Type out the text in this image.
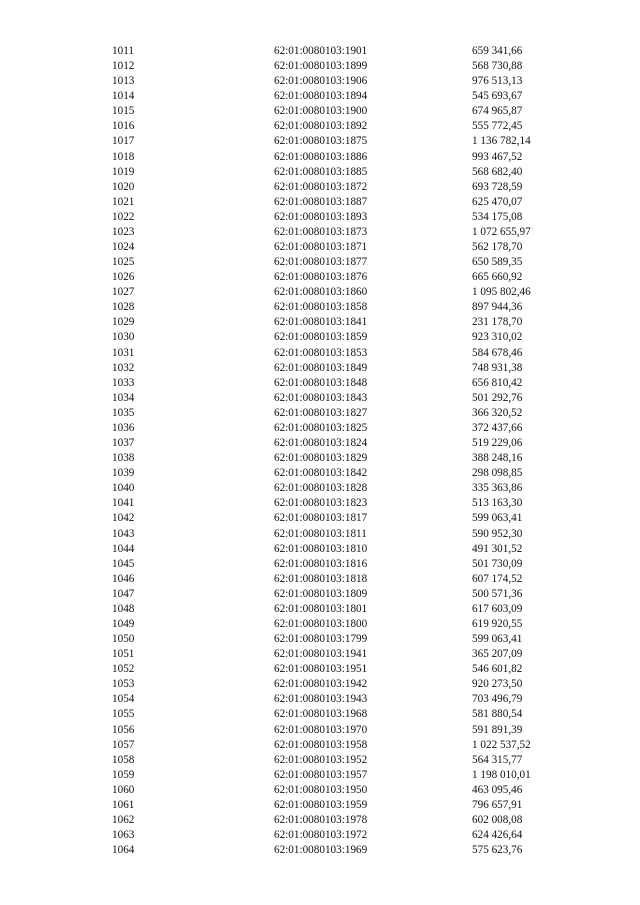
1011	62:01:0080103:1901	659 341,66
1012	62:01:0080103:1899	568 730,88
1013	62:01:0080103:1906	976 513,13
1014	62:01:0080103:1894	545 693,67
1015	62:01:0080103:1900	674 965,87
1016	62:01:0080103:1892	555 772,45
1017	62:01:0080103:1875	1 136 782,14
1018	62:01:0080103:1886	993 467,52
1019	62:01:0080103:1885	568 682,40
1020	62:01:0080103:1872	693 728,59
1021	62:01:0080103:1887	625 470,07
1022	62:01:0080103:1893	534 175,08
1023	62:01:0080103:1873	1 072 655,97
1024	62:01:0080103:1871	562 178,70
1025	62:01:0080103:1877	650 589,35
1026	62:01:0080103:1876	665 660,92
1027	62:01:0080103:1860	1 095 802,46
1028	62:01:0080103:1858	897 944,36
1029	62:01:0080103:1841	231 178,70
1030	62:01:0080103:1859	923 310,02
1031	62:01:0080103:1853	584 678,46
1032	62:01:0080103:1849	748 931,38
1033	62:01:0080103:1848	656 810,42
1034	62:01:0080103:1843	501 292,76
1035	62:01:0080103:1827	366 320,52
1036	62:01:0080103:1825	372 437,66
1037	62:01:0080103:1824	519 229,06
1038	62:01:0080103:1829	388 248,16
1039	62:01:0080103:1842	298 098,85
1040	62:01:0080103:1828	335 363,86
1041	62:01:0080103:1823	513 163,30
1042	62:01:0080103:1817	599 063,41
1043	62:01:0080103:1811	590 952,30
1044	62:01:0080103:1810	491 301,52
1045	62:01:0080103:1816	501 730,09
1046	62:01:0080103:1818	607 174,52
1047	62:01:0080103:1809	500 571,36
1048	62:01:0080103:1801	617 603,09
1049	62:01:0080103:1800	619 920,55
1050	62:01:0080103:1799	599 063,41
1051	62:01:0080103:1941	365 207,09
1052	62:01:0080103:1951	546 601,82
1053	62:01:0080103:1942	920 273,50
1054	62:01:0080103:1943	703 496,79
1055	62:01:0080103:1968	581 880,54
1056	62:01:0080103:1970	591 891,39
1057	62:01:0080103:1958	1 022 537,52
1058	62:01:0080103:1952	564 315,77
1059	62:01:0080103:1957	1 198 010,01
1060	62:01:0080103:1950	463 095,46
1061	62:01:0080103:1959	796 657,91
1062	62:01:0080103:1978	602 008,08
1063	62:01:0080103:1972	624 426,64
1064	62:01:0080103:1969	575 623,76
